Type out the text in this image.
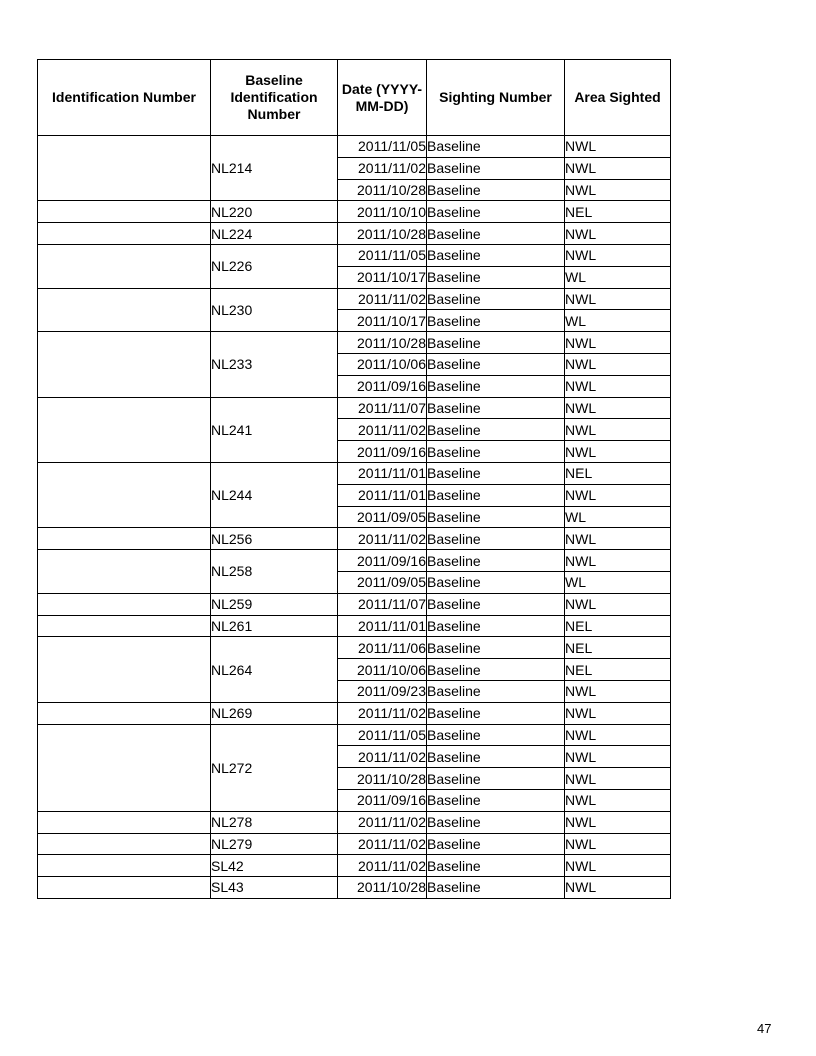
Identification Number	Baseline Identification Number	Date (YYYY-MM-DD)	Sighting Number	Area Sighted
	NL214	2011/11/05	Baseline	NWL
		2011/11/02	Baseline	NWL
		2011/10/28	Baseline	NWL
	NL220	2011/10/10	Baseline	NEL
	NL224	2011/10/28	Baseline	NWL
	NL226	2011/11/05	Baseline	NWL
		2011/10/17	Baseline	WL
	NL230	2011/11/02	Baseline	NWL
		2011/10/17	Baseline	WL
	NL233	2011/10/28	Baseline	NWL
		2011/10/06	Baseline	NWL
		2011/09/16	Baseline	NWL
	NL241	2011/11/07	Baseline	NWL
		2011/11/02	Baseline	NWL
		2011/09/16	Baseline	NWL
	NL244	2011/11/01	Baseline	NEL
		2011/11/01	Baseline	NWL
		2011/09/05	Baseline	WL
	NL256	2011/11/02	Baseline	NWL
	NL258	2011/09/16	Baseline	NWL
		2011/09/05	Baseline	WL
	NL259	2011/11/07	Baseline	NWL
	NL261	2011/11/01	Baseline	NEL
	NL264	2011/11/06	Baseline	NEL
		2011/10/06	Baseline	NEL
		2011/09/23	Baseline	NWL
	NL269	2011/11/02	Baseline	NWL
	NL272	2011/11/05	Baseline	NWL
		2011/11/02	Baseline	NWL
		2011/10/28	Baseline	NWL
		2011/09/16	Baseline	NWL
	NL278	2011/11/02	Baseline	NWL
	NL279	2011/11/02	Baseline	NWL
	SL42	2011/11/02	Baseline	NWL
	SL43	2011/10/28	Baseline	NWL
47
